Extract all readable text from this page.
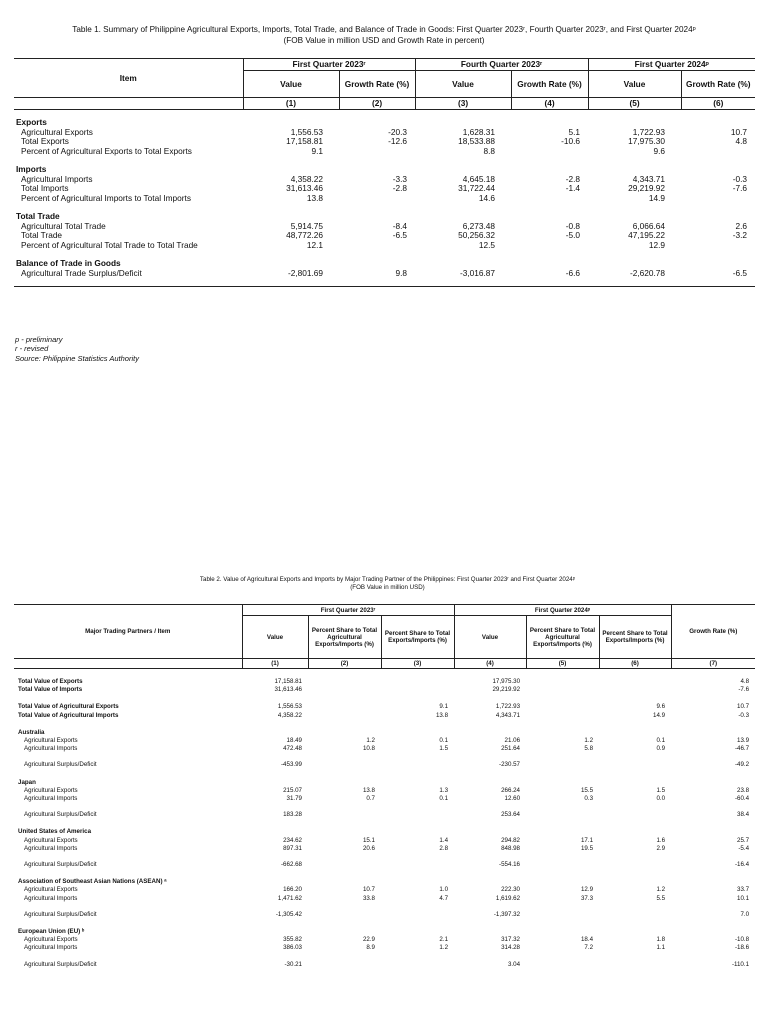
Table 1. Summary of Philippine Agricultural Exports, Imports, Total Trade, and Balance of Trade in Goods: First Quarter 2023ʳ, Fourth Quarter 2023ʳ, and First Quarter 2024ᵖ
(FOB Value in million USD and Growth Rate in percent)
Item	First Quarter 2023ʳ		Fourth Quarter 2023ʳ		First Quarter 2024ᵖ	
	Value	Growth Rate (%)	Value	Growth Rate (%)	Value	Growth Rate (%)
	(1)	(2)	(3)	(4)	(5)	(6)

Exports						
Agricultural Exports	1,556.53	-20.3	1,628.31	5.1	1,722.93	10.7
Total Exports	17,158.81	-12.6	18,533.88	-10.6	17,975.30	4.8
Percent of Agricultural Exports to Total Exports	9.1		8.8		9.6	

Imports						
Agricultural Imports	4,358.22	-3.3	4,645.18	-2.8	4,343.71	-0.3
Total Imports	31,613.46	-2.8	31,722.44	-1.4	29,219.92	-7.6
Percent of Agricultural Imports to Total Imports	13.8		14.6		14.9	

Total Trade						
Agricultural Total Trade	5,914.75	-8.4	6,273.48	-0.8	6,066.64	2.6
Total Trade	48,772.26	-6.5	50,256.32	-5.0	47,195.22	-3.2
Percent of Agricultural Total Trade to Total Trade	12.1		12.5		12.9	

Balance of Trade in Goods						
Agricultural Trade Surplus/Deficit	-2,801.69	9.8	-3,016.87	-6.6	-2,620.78	-6.5

p - preliminary
r - revised
Source: Philippine Statistics Authority
Table 2. Value of Agricultural Exports and Imports by Major Trading Partner of the Philippines: First Quarter 2023ʳ and First Quarter 2024ᵖ
(FOB Value in million USD)
Major Trading Partners / Item	First Quarter 2023ʳ			First Quarter 2024ᵖ			Growth Rate (%)
	Value	Percent Share to Total Agricultural Exports/Imports (%)	Percent Share to Total Exports/Imports (%)	Value	Percent Share to Total Agricultural Exports/Imports (%)	Percent Share to Total Exports/Imports (%)	
	(1)	(2)	(3)	(4)	(5)	(6)	(7)

Total Value of Exports	17,158.81			17,975.30			4.8
Total Value of Imports	31,613.46			29,219.92			-7.6

Total Value of Agricultural Exports	1,556.53		9.1	1,722.93		9.6	10.7
Total Value of Agricultural Imports	4,358.22		13.8	4,343.71		14.9	-0.3

Australia							
Agricultural Exports	18.49	1.2	0.1	21.06	1.2	0.1	13.9
Agricultural Imports	472.48	10.8	1.5	251.64	5.8	0.9	-46.7

Agricultural Surplus/Deficit	-453.99			-230.57			-49.2

Japan							
Agricultural Exports	215.07	13.8	1.3	266.24	15.5	1.5	23.8
Agricultural Imports	31.79	0.7	0.1	12.60	0.3	0.0	-60.4

Agricultural Surplus/Deficit	183.28			253.64			38.4

United States of America							
Agricultural Exports	234.62	15.1	1.4	294.82	17.1	1.6	25.7
Agricultural Imports	897.31	20.6	2.8	848.98	19.5	2.9	-5.4

Agricultural Surplus/Deficit	-662.68			-554.16			-16.4

Association of Southeast Asian Nations (ASEAN) ᵃ							
Agricultural Exports	166.20	10.7	1.0	222.30	12.9	1.2	33.7
Agricultural Imports	1,471.62	33.8	4.7	1,619.62	37.3	5.5	10.1

Agricultural Surplus/Deficit	-1,305.42			-1,397.32			7.0

European Union (EU) ᵇ							
Agricultural Exports	355.82	22.9	2.1	317.32	18.4	1.8	-10.8
Agricultural Imports	386.03	8.9	1.2	314.28	7.2	1.1	-18.6

Agricultural Surplus/Deficit	-30.21			3.04			-110.1
